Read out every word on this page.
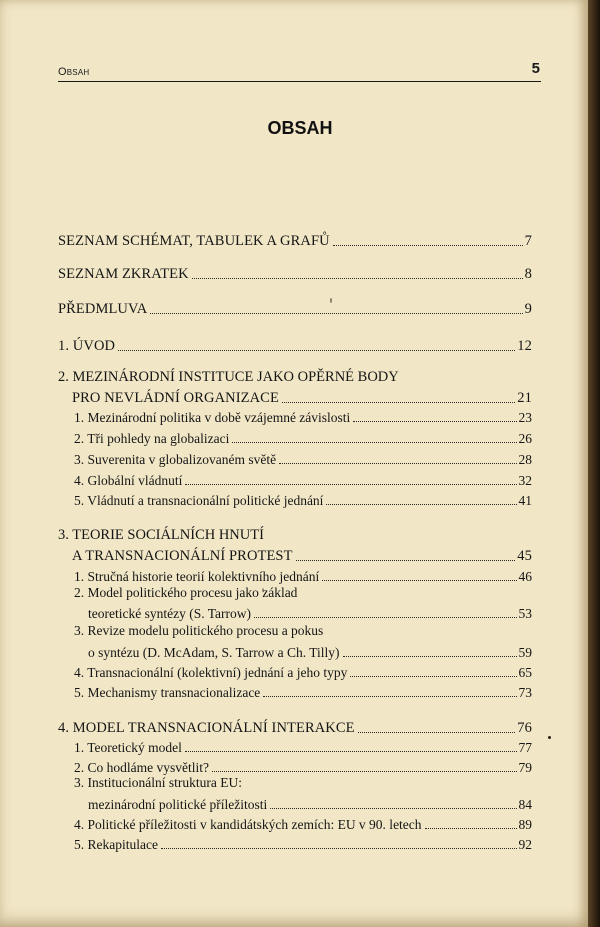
Obsah	5
OBSAH
SEZNAM SCHÉMAT, TABULEK A GRAFŮ	7
SEZNAM ZKRATEK	8
PŘEDMLUVA	9
1. ÚVOD	12
2. MEZINÁRODNÍ INSTITUCE JAKO OPĚRNÉ BODY
PRO NEVLÁDNÍ ORGANIZACE	21
1. Mezinárodní politika v době vzájemné závislosti	23
2. Tři pohledy na globalizaci	26
3. Suverenita v globalizovaném světě	28
4. Globální vládnutí	32
5. Vládnutí a transnacionální politické jednání	41
3. TEORIE SOCIÁLNÍCH HNUTÍ
A TRANSNACIONÁLNÍ PROTEST	45
1. Stručná historie teorií kolektivního jednání	46
2. Model politického procesu jako základ
teoretické syntézy (S. Tarrow)	53
3. Revize modelu politického procesu a pokus
o syntézu (D. McAdam, S. Tarrow a Ch. Tilly)	59
4. Transnacionální (kolektivní) jednání a jeho typy	65
5. Mechanismy transnacionalizace	73
4. MODEL TRANSNACIONÁLNÍ INTERAKCE	76
1. Teoretický model	77
2. Co hodláme vysvětlit?	79
3. Institucionální struktura EU:
mezinárodní politické příležitosti	84
4. Politické příležitosti v kandidátských zemích: EU v 90. letech	89
5. Rekapitulace	92
